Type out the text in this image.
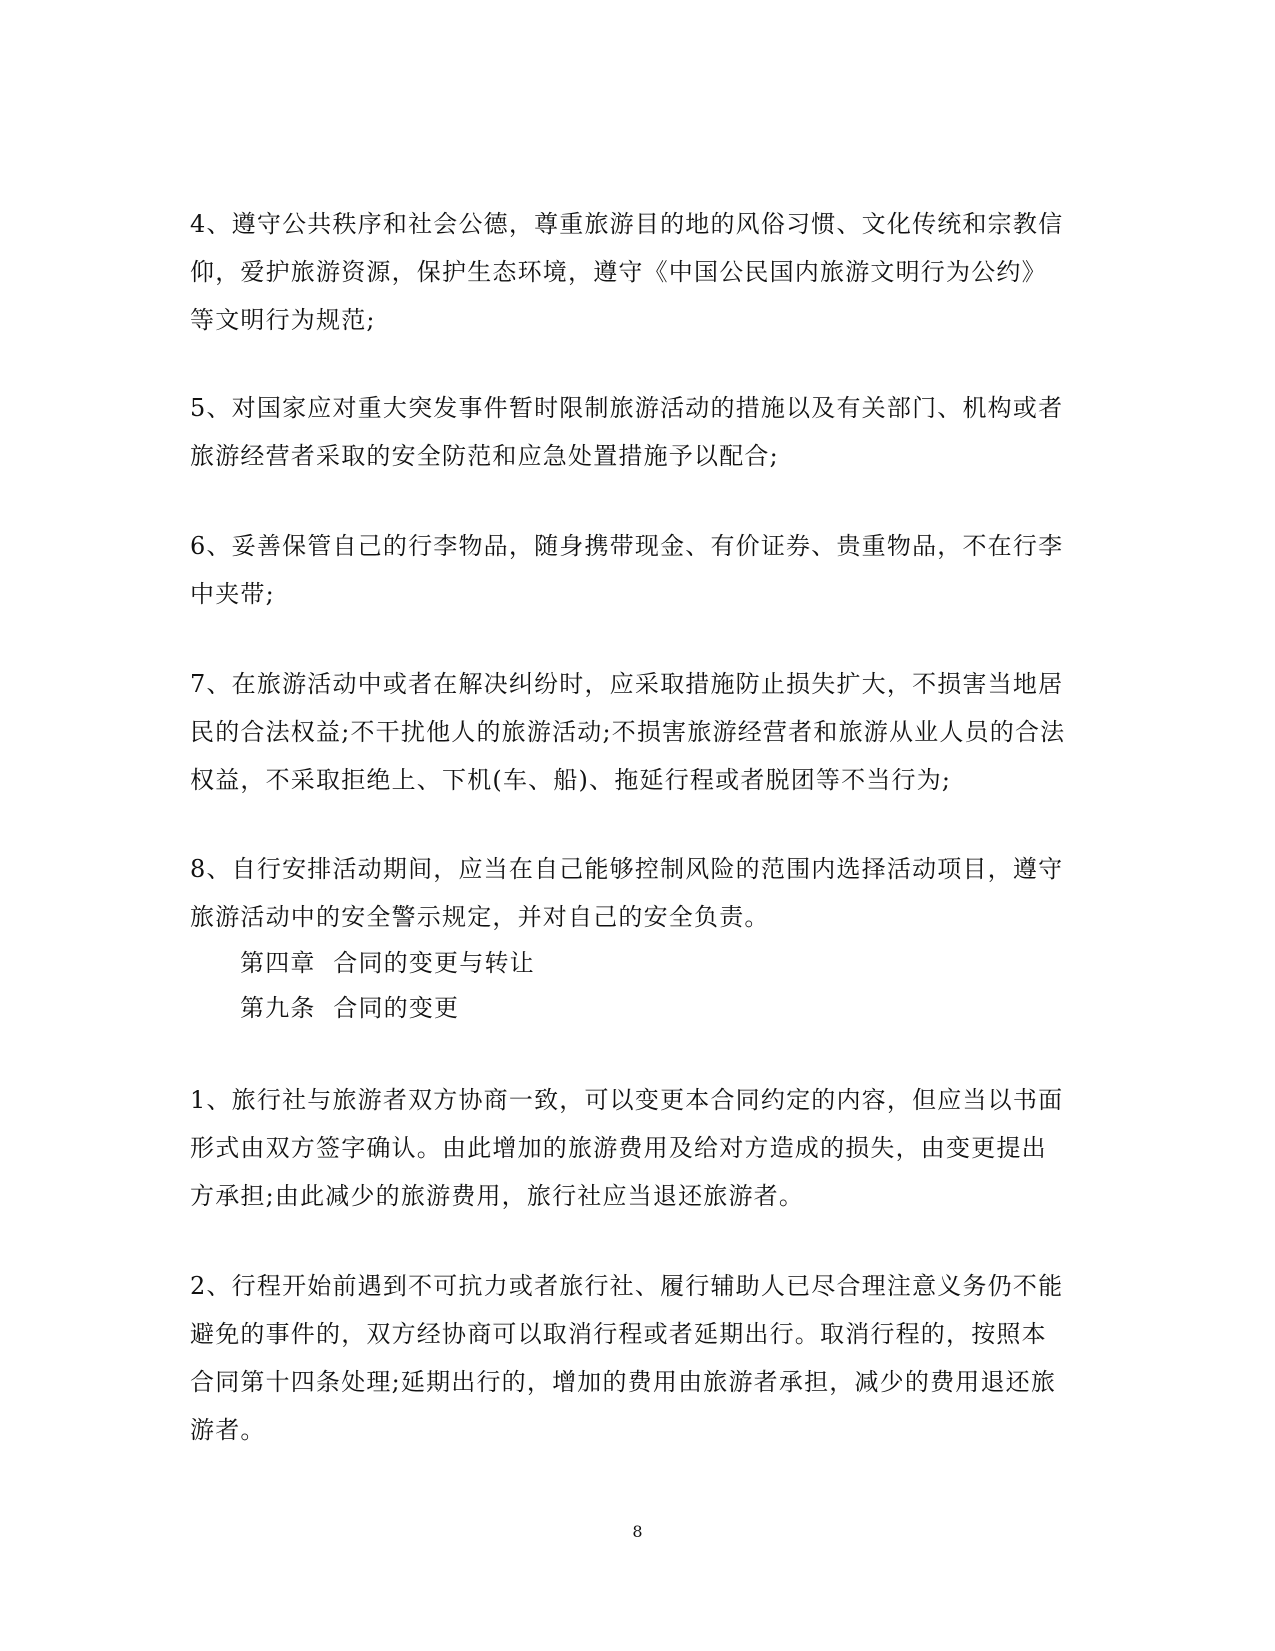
4、遵守公共秩序和社会公德，尊重旅游目的地的风俗习惯、文化传统和宗教信仰，爱护旅游资源，保护生态环境，遵守《中国公民国内旅游文明行为公约》等文明行为规范;

5、对国家应对重大突发事件暂时限制旅游活动的措施以及有关部门、机构或者旅游经营者采取的安全防范和应急处置措施予以配合;

6、妥善保管自己的行李物品，随身携带现金、有价证券、贵重物品，不在行李中夹带;

7、在旅游活动中或者在解决纠纷时，应采取措施防止损失扩大，不损害当地居民的合法权益;不干扰他人的旅游活动;不损害旅游经营者和旅游从业人员的合法权益，不采取拒绝上、下机(车、船)、拖延行程或者脱团等不当行为;

8、自行安排活动期间，应当在自己能够控制风险的范围内选择活动项目，遵守旅游活动中的安全警示规定，并对自己的安全负责。

第四章  合同的变更与转让

第九条  合同的变更

1、旅行社与旅游者双方协商一致，可以变更本合同约定的内容，但应当以书面形式由双方签字确认。由此增加的旅游费用及给对方造成的损失，由变更提出方承担;由此减少的旅游费用，旅行社应当退还旅游者。

2、行程开始前遇到不可抗力或者旅行社、履行辅助人已尽合理注意义务仍不能避免的事件的，双方经协商可以取消行程或者延期出行。取消行程的，按照本合同第十四条处理;延期出行的，增加的费用由旅游者承担，减少的费用退还旅游者。

8
